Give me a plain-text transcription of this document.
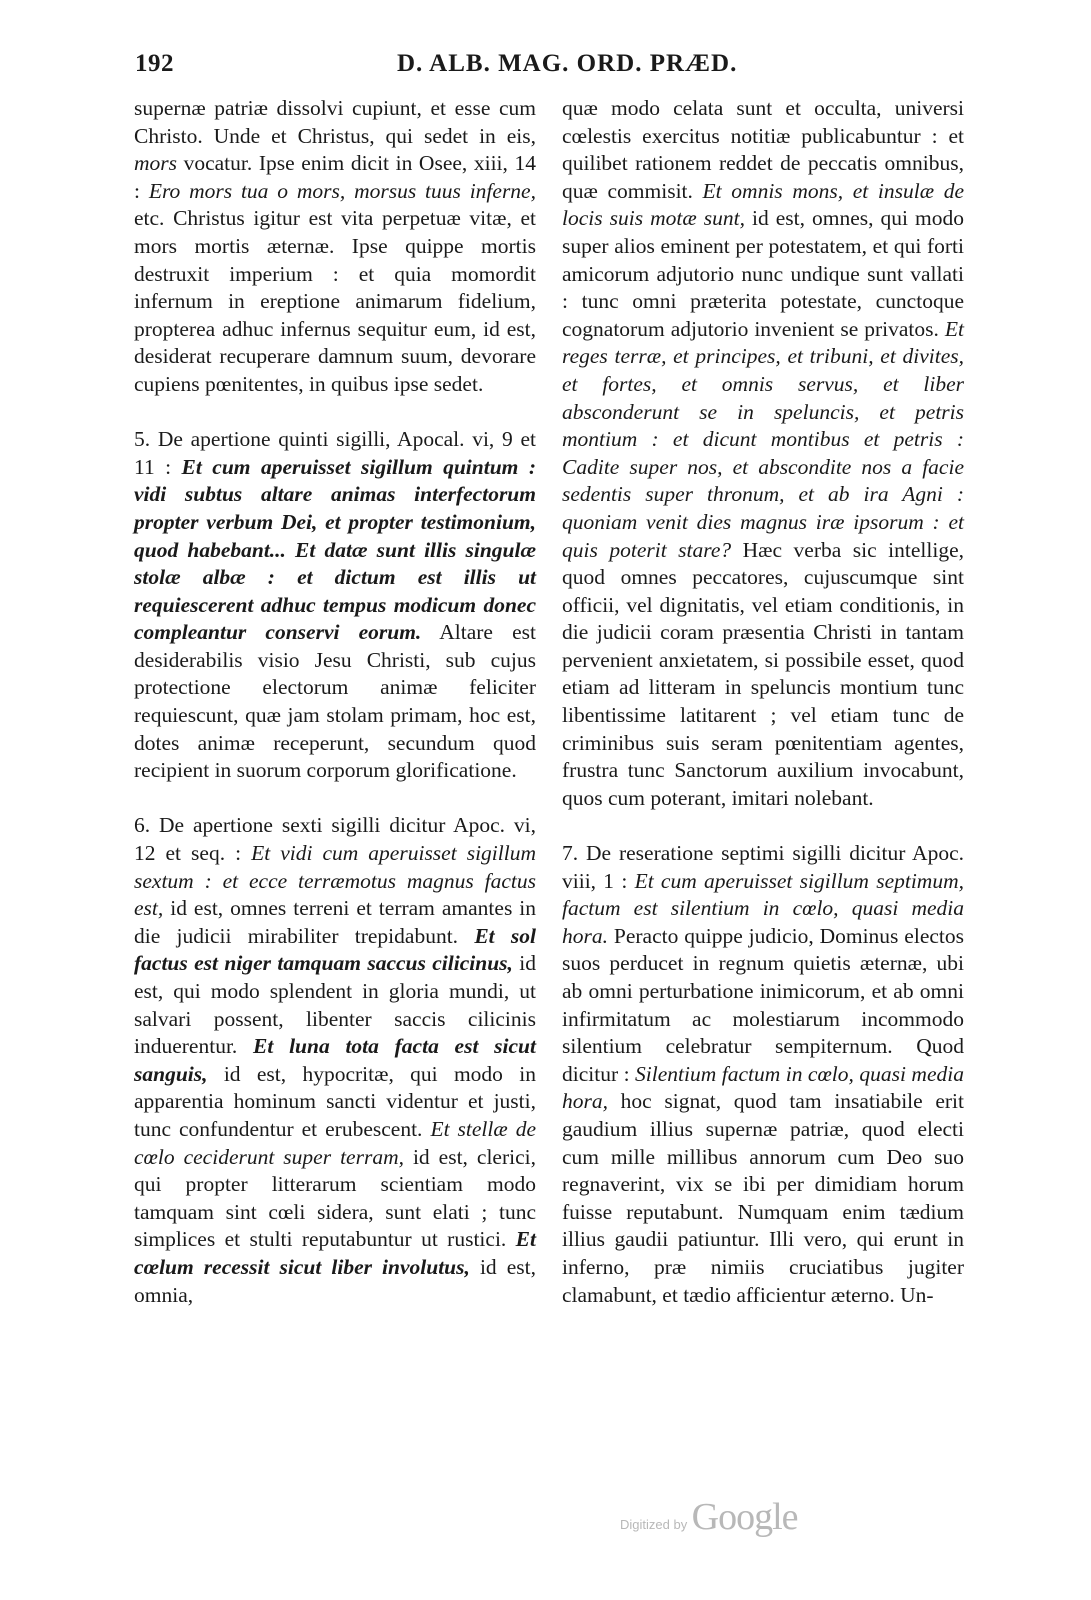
192	D. ALB. MAG. ORD. PRÆD.

supernæ patriæ dissolvi cupiunt, et esse cum Christo. Unde et Christus, qui sedet in eis, mors vocatur. Ipse enim dicit in Osee, xiii, 14 : Ero mors tua o mors, morsus tuus inferne, etc. Christus igitur est vita perpetuæ vitæ, et mors mortis æternæ. Ipse quippe mortis destruxit imperium : et quia momordit infernum in ereptione animarum fidelium, propterea adhuc infernus sequitur eum, id est, desiderat recuperare damnum suum, devorare cupiens pœnitentes, in quibus ipse sedet.

5. De apertione quinti sigilli, Apocal. vi, 9 et 11 : Et cum aperuisset sigillum quintum : vidi subtus altare animas interfectorum propter verbum Dei, et propter testimonium, quod habebant... Et datæ sunt illis singulæ stolæ albæ : et dictum est illis ut requiescerent adhuc tempus modicum donec compleantur conservi eorum. Altare est desiderabilis visio Jesu Christi, sub cujus protectione electorum animæ feliciter requiescunt, quæ jam stolam primam, hoc est, dotes animæ receperunt, secundum quod recipient in suorum corporum glorificatione.

6. De apertione sexti sigilli dicitur Apoc. vi, 12 et seq. : Et vidi cum aperuisset sigillum sextum : et ecce terræmotus magnus factus est, id est, omnes terreni et terram amantes in die judicii mirabiliter trepidabunt. Et sol factus est niger tamquam saccus cilicinus, id est, qui modo splendent in gloria mundi, ut salvari possent, libenter saccis cilicinis induerentur. Et luna tota facta est sicut sanguis, id est, hypocritæ, qui modo in apparentia hominum sancti videntur et justi, tunc confundentur et erubescent. Et stellæ de cœlo ceciderunt super terram, id est, clerici, qui propter litterarum scientiam modo tamquam sint cœli sidera, sunt elati ; tunc simplices et stulti reputabuntur ut rustici. Et cœlum recessit sicut liber involutus, id est, omnia,

quæ modo celata sunt et occulta, universi cœlestis exercitus notitiæ publicabuntur : et quilibet rationem reddet de peccatis omnibus, quæ commisit. Et omnis mons, et insulæ de locis suis motæ sunt, id est, omnes, qui modo super alios eminent per potestatem, et qui forti amicorum adjutorio nunc undique sunt vallati : tunc omni præterita potestate, cunctoque cognatorum adjutorio invenient se privatos. Et reges terræ, et principes, et tribuni, et divites, et fortes, et omnis servus, et liber absconderunt se in speluncis, et petris montium : et dicunt montibus et petris : Cadite super nos, et abscondite nos a facie sedentis super thronum, et ab ira Agni : quoniam venit dies magnus iræ ipsorum : et quis poterit stare? Hæc verba sic intellige, quod omnes peccatores, cujuscumque sint officii, vel dignitatis, vel etiam conditionis, in die judicii coram præsentia Christi in tantam pervenient anxietatem, si possibile esset, quod etiam ad litteram in speluncis montium tunc libentissime latitarent ; vel etiam tunc de criminibus suis seram pœnitentiam agentes, frustra tunc Sanctorum auxilium invocabunt, quos cum poterant, imitari nolebant.

7. De reseratione septimi sigilli dicitur Apoc. viii, 1 : Et cum aperuisset sigillum septimum, factum est silentium in cœlo, quasi media hora. Peracto quippe judicio, Dominus electos suos perducet in regnum quietis æternæ, ubi ab omni perturbatione inimicorum, et ab omni infirmitatum ac molestiarum incommodo silentium celebratur sempiternum. Quod dicitur : Silentium factum in cœlo, quasi media hora, hoc signat, quod tam insatiabile erit gaudium illius supernæ patriæ, quod electi cum mille millibus annorum cum Deo suo regnaverint, vix se ibi per dimidiam horum fuisse reputabunt. Numquam enim tædium illius gaudii patiuntur. Illi vero, qui erunt in inferno, præ nimiis cruciatibus jugiter clamabunt, et tædio afficientur æterno. Un-

Digitized by Google
